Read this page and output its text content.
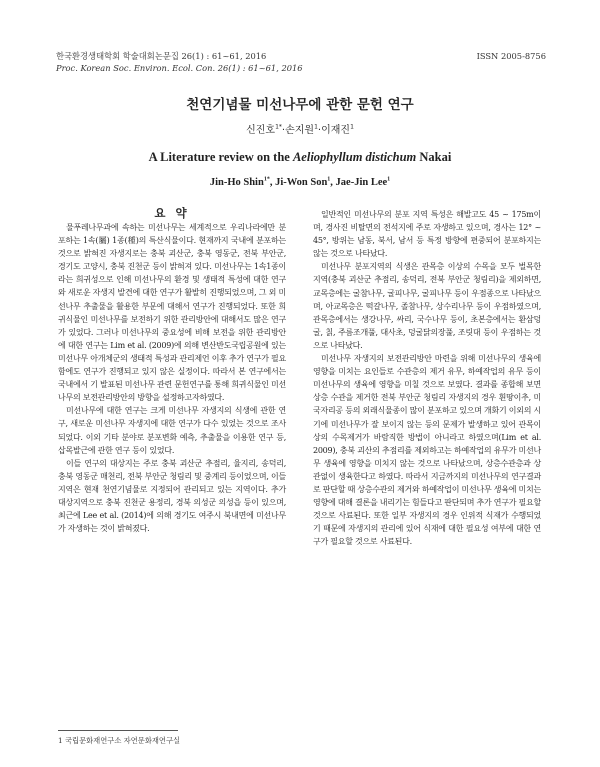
한국환경생태학회 학술대회논문집 26(1) : 61~61, 2016	ISSN 2005-8756
Proc. Korean Soc. Environ. Ecol. Con. 26(1) : 61~61, 2016
천연기념물 미선나무에 관한 문헌 연구
신진호$^{1*}$·손지원$^1$·이재진$^1$
A Literature review on the Aeliophyllum distichum Nakai
Jin-Ho Shin$^{1*}$, Ji-Won Son$^1$, Jae-Jin Lee$^1$
요 약

물푸레나무과에 속하는 미선나무는 세계적으로 우리나라에만 분포하는 1속(屬) 1종(種)의 특산식물이다. 현재까지 국내에 분포하는 것으로 밝혀진 자생지로는 충북 괴산군, 충북 영동군, 전북 부안군, 경기도 고양시, 충북 진천군 등이 밝혀져 있다. 미선나무는 1속1종이라는 희귀성으로 인해 미선나무의 환경 및 생태적 특성에 대한 연구와 새로운 자생지 발견에 대한 연구가 활발히 진행되었으며, 그 외 미선나무 추출물을 활용한 부문에 대해서 연구가 진행되었다. 또한 희귀식물인 미선나무를 보전하기 위한 관리방안에 대해서도 많은 연구가 있었다. 그러나 미선나무의 중요성에 비해 보전을 위한 관리방안에 대한 연구는 Lim et al. (2009)에 의해 변산반도국립공원에 있는 미선나무 아개체군의 생태적 특성과 관리제언 이후 추가 연구가 필요함에도 연구가 진행되고 있지 않은 실정이다. 따라서 본 연구에서는 국내에서 기 발표된 미선나무 관련 문헌연구를 통해 희귀식물인 미선나무의 보전관리방안의 방향을 설정하고자하였다.

미선나무에 대한 연구는 크게 미선나무 자생지의 식생에 관한 연구, 새로운 미선나무 자생지에 대한 연구가 다수 있었는 것으로 조사되었다. 이외 기타 분야로 분포변화 예측, 추출물을 이용한 연구 등, 삽목발근에 관한 연구 등이 있었다.

이들 연구의 대상지는 주로 충북 괴산군 추점리, 율지리, 송덕리, 충북 영동군 매천리, 전북 부안군 청림리 및 중계리 등이었으며, 이들 지역은 현재 천연기념물로 지정되어 관리되고 있는 지역이다. 추가 대상지역으로 충북 진천군 용정리, 경북 의성군 의성읍 등이 있으며, 최근에 Lee et al. (2014)에 의해 경기도 여주시 북내면에 미선나무가 자생하는 것이 밝혀졌다.

일반적인 미선나무의 분포 지역 특성은 해발고도 45 ~ 175m이며, 경사진 비탈면의 전석지에 주로 자생하고 있으며, 경사는 12° ~ 45°, 방위는 남동, 북서, 남서 등 특정 방향에 편중되어 분포하지는 않는 것으로 나타났다.

미선나무 분포지역의 식생은 관목층 이상의 수목을 모두 벌목한 지역(충북 괴산군 추점리, 송덕리, 전북 부안군 청림리)을 제외하면, 교목층에는 굴참나무, 굴피나무, 굴피나무 등이 우점종으로 나타났으며, 아교목층은 떡갈나무, 졸참나무, 상수리나무 등이 우점하였으며, 관목층에서는 생강나무, 싸리, 국수나무 등이, 초본층에서는 환삼덩굴, 칡, 주름조개풀, 대사초, 덩굴닭의장풀, 조릿대 등이 우점하는 것으로 나타났다.

미선나무 자생지의 보전관리방안 마련을 위해 미선나무의 생육에 영향을 미치는 요인들로 수관층의 제거 유무, 하예작업의 유무 등이 미선나무의 생육에 영향을 미칠 것으로 보였다. 결과를 종합해 보면 상층 수관을 제거한 전북 부안군 청림리 자생지의 경우 흰땅이추, 미국자리공 등의 외래식물종이 많이 분포하고 있으며 개화기 이외의 시기에 미선나무가 잘 보이지 않는 등의 문제가 발생하고 있어 관목이상의 수목제거가 바람직한 방법이 아니라고 하였으며(Lim et al. 2009), 충북 괴산의 추점리를 제외하고는 하예작업의 유무가 미선나무 생육에 영향을 미치지 않는 것으로 나타났으며, 상층수관층과 상관없이 생육한다고 하였다. 따라서 지금까지의 미선나무의 연구결과로 판단할 때 상층수관의 제거와 하예작업이 미선나무 생육에 미치는 영향에 대해 결론을 내리기는 힘들다고 판단되며 추가 연구가 필요할 것으로 사료된다. 또한 일부 자생지의 경우 인위적 식재가 수행되었기 때문에 자생지의 관리에 있어 식재에 대한 필요성 여부에 대한 연구가 필요할 것으로 사료된다.

1 국립문화재연구소 자연문화재연구실
